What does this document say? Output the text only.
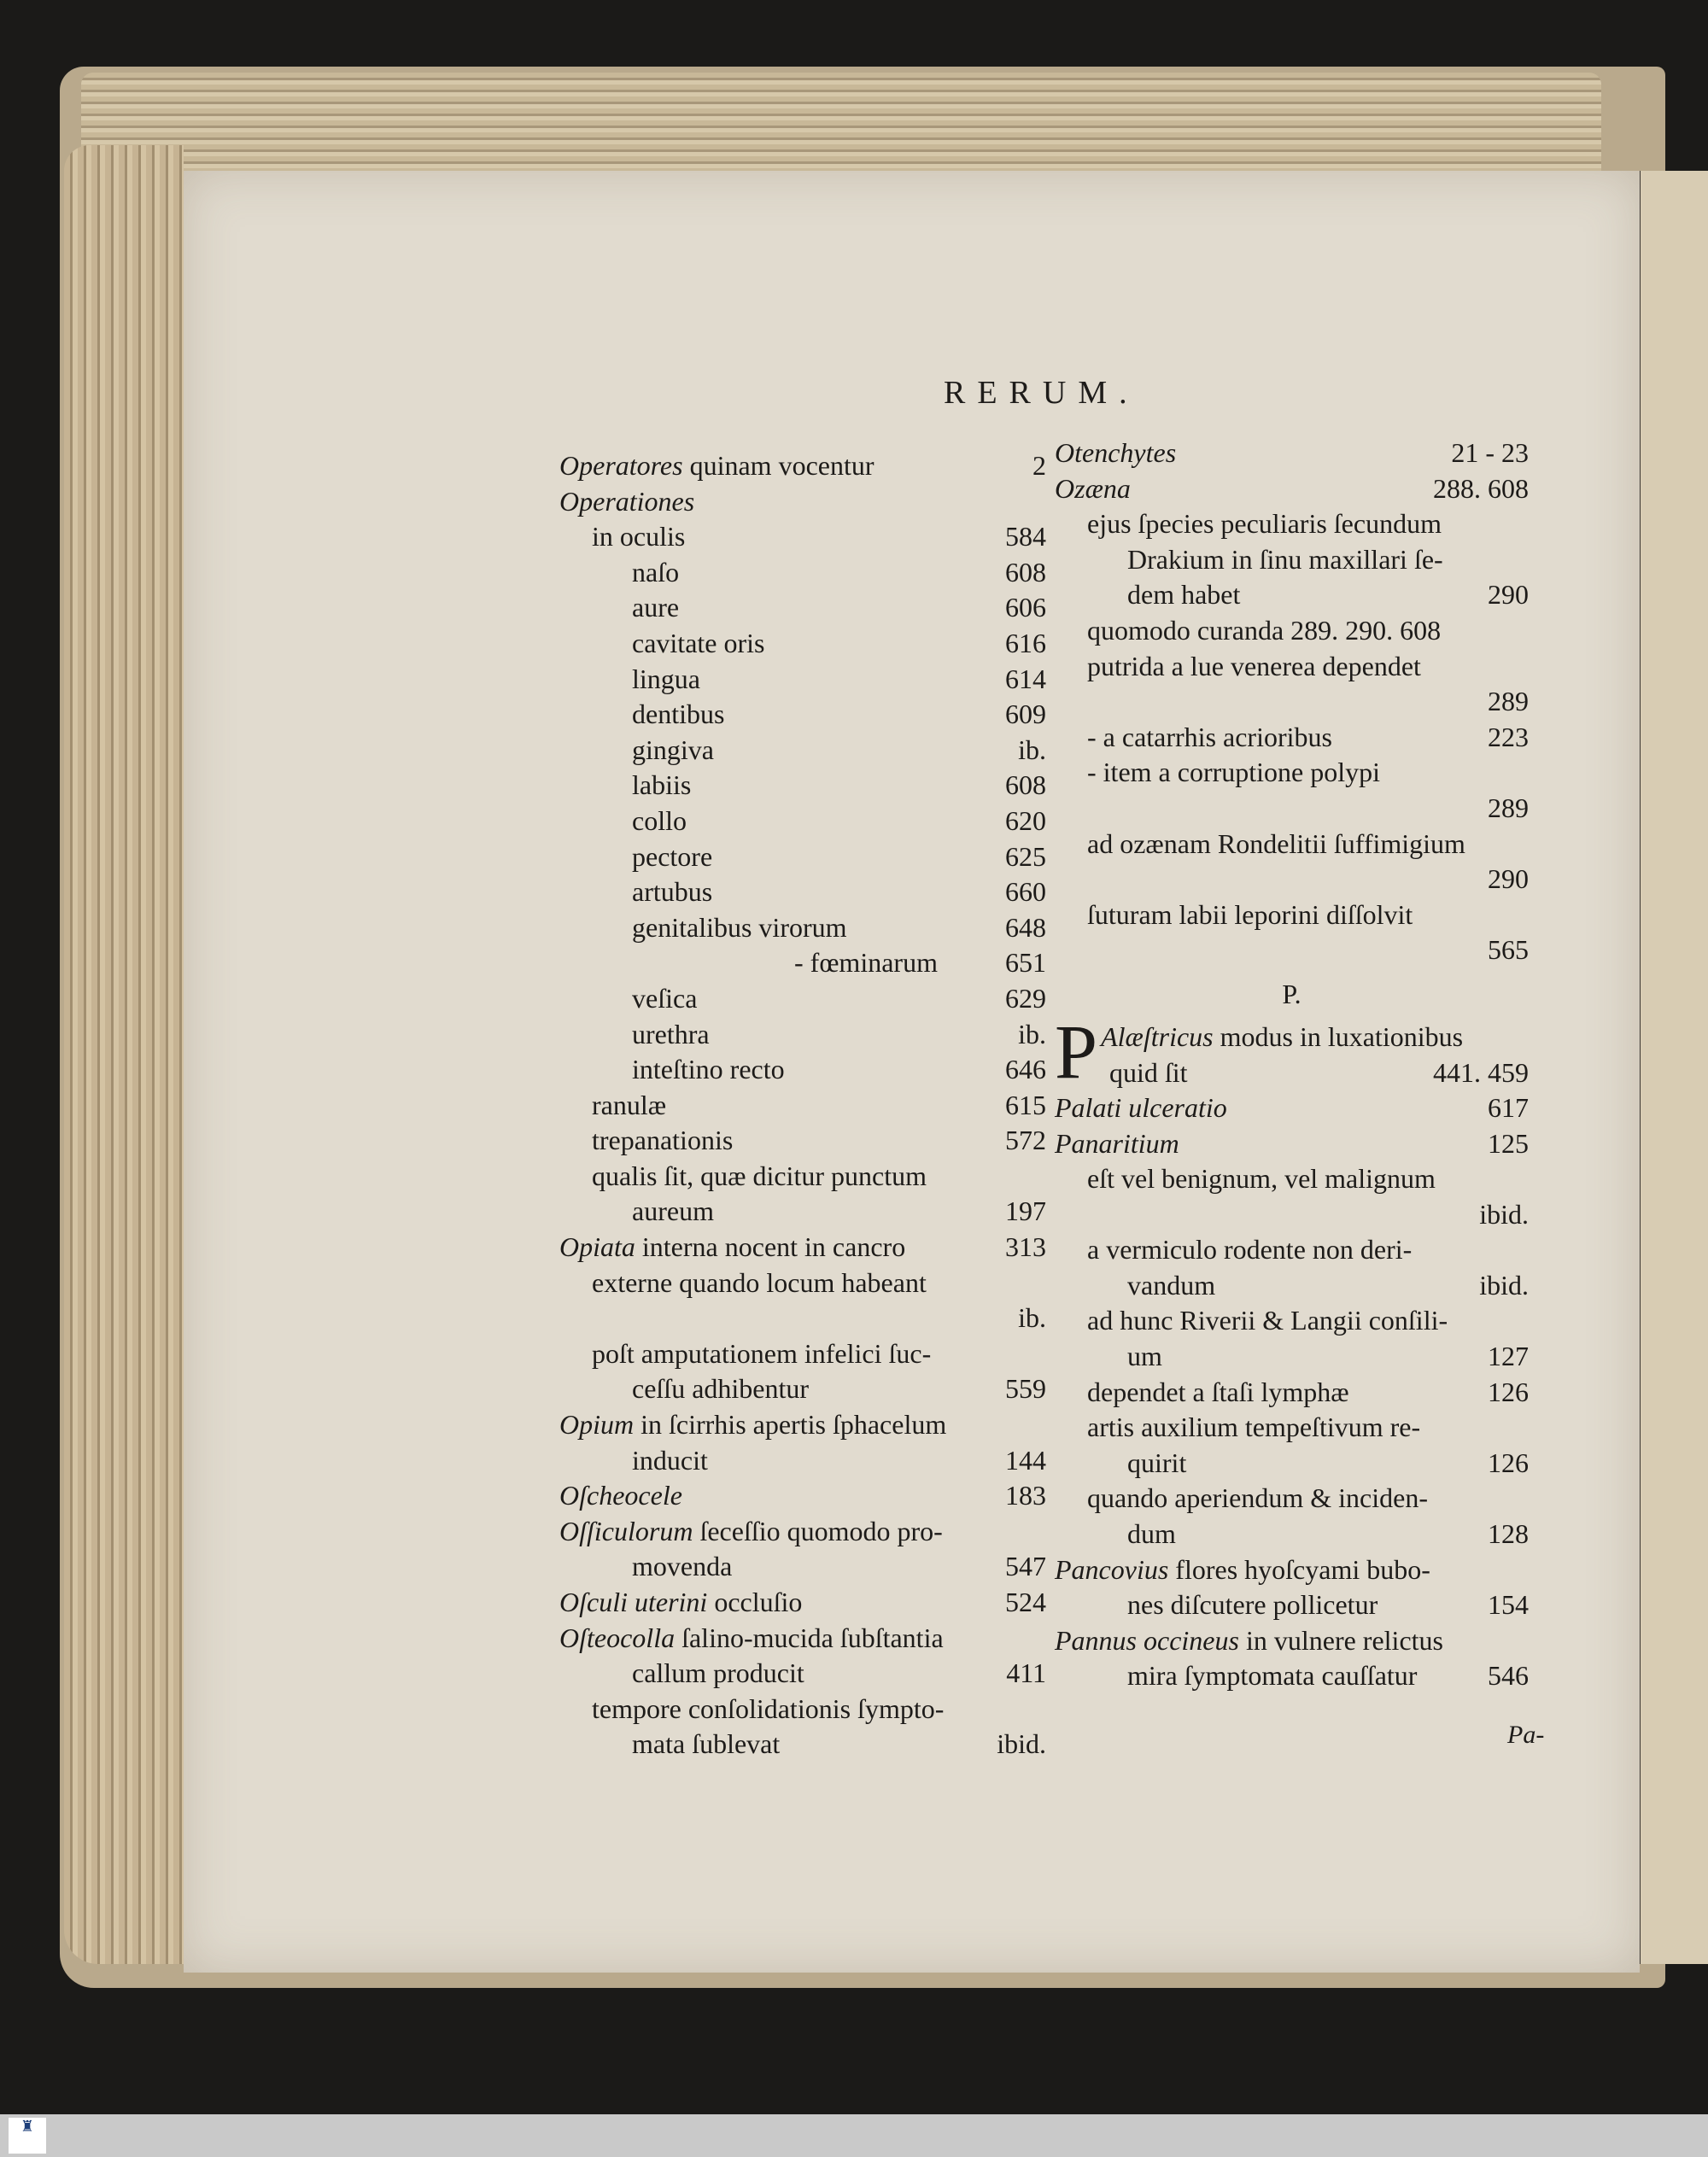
RERUM.
Operatores quinam vocentur	2
Operationes
in oculis	584
naſo	608
aure	606
cavitate oris	616
lingua	614
dentibus	609
gingiva	ib.
labiis	608
collo	620
pectore	625
artubus	660
genitalibus virorum	648
- fœminarum 651
veſica	629
urethra	ib.
inteſtino recto	646
ranulæ	615
trepanationis	572
qualis ſit, quæ dicitur punctum
aureum	197
Opiata interna nocent in cancro	313
externe quando locum habeant
ib.
poſt amputationem infelici ſuc-
ceſſu adhibentur	559
Opium in ſcirrhis apertis ſphacelum
inducit	144
Oſcheocele	183
Oſſiculorum ſeceſſio quomodo pro-
movenda	547
Oſculi uterini occluſio	524
Oſteocolla ſalino-mucida ſubſtantia
callum producit	411
tempore conſolidationis ſympto-
mata ſublevat	ibid.
Otenchytes	21 - 23
Ozæna	288. 608
ejus ſpecies peculiaris ſecundum
Drakium in ſinu maxillari ſe-
dem habet	290
quomodo curanda 289. 290. 608
putrida a lue venerea dependet
289
- a catarrhis acrioribus	223
- item a corruptione polypi
289
ad ozænam Rondelitii ſuffimigium
290
ſuturam labii leporini diſſolvit
565
P.
P Alæſtricus modus in luxationibus
quid ſit	441. 459
Palati ulceratio	617
Panaritium	125
eſt vel benignum, vel malignum
ibid.
a vermiculo rodente non deri-
vandum	ibid.
ad hunc Riverii & Langii conſili-
um	127
dependet a ſtaſi lymphæ	126
artis auxilium tempeſtivum re-
quirit	126
quando aperiendum & inciden-
dum	128
Pancovius flores hyoſcyami bubo-
nes diſcutere pollicetur	154
Pannus occineus in vulnere relictus
mira ſymptomata cauſſatur	546
Pa-
♜
